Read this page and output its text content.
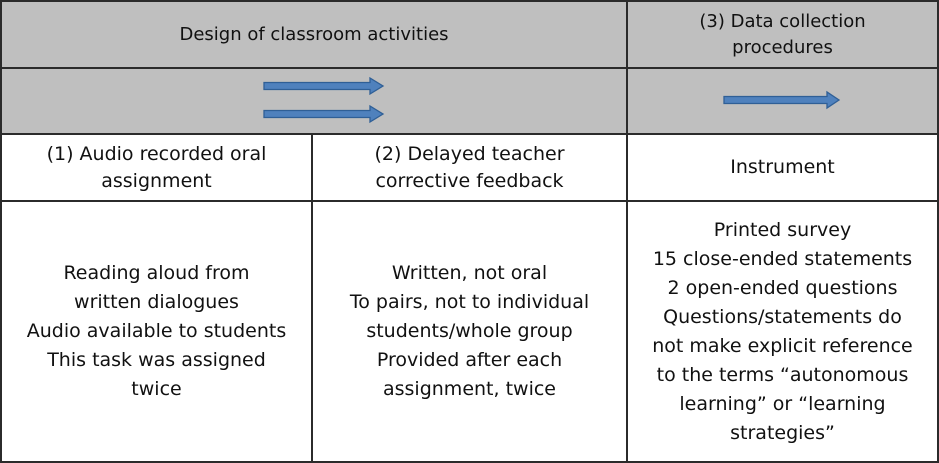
Design of classroom activities
(3) Data collection
procedures
(1) Audio recorded oral
assignment
(2) Delayed teacher
corrective feedback
Instrument
Reading aloud from
written dialogues
Audio available to students
This task was assigned
twice
Written, not oral
To pairs, not to individual
students/whole group
Provided after each
assignment, twice
Printed survey
15 close-ended statements
2 open-ended questions
Questions/statements do
not make explicit reference
to the terms “autonomous
learning” or “learning
strategies”
